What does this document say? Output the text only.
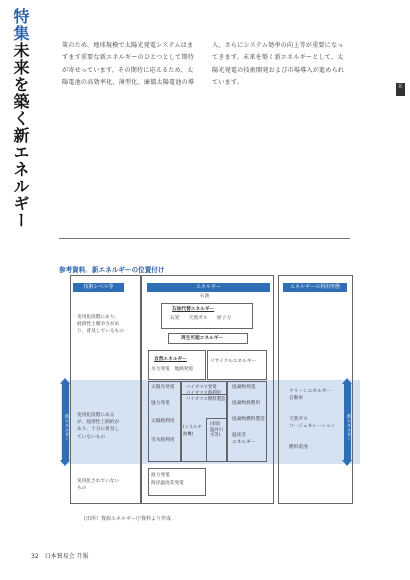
特集未来を築く新エネルギー	策のため、地球規模で太陽光発電システムはま
すます重要な新エネルギーのひとつとして期待
が寄せっています。その期待に応えるため、太
陽電池の高効率化、薄型化、廉價太陽電池の導
入、さらにシステム効率の向上等が重要になっ
てきます。未来を築く新エネルギーとして、太
陽光発電の技術開発および市場導入が進められ
ています。	記
参考資料．新エネルギーの位置付け
技術レベル等	エネルギー	エネルギーの利用形態
石油
石油代替エネルギー
石炭　　天然ガス　　原子力
再生可能エネルギー
自然エネルギー
水力発電　地熱発電
リサイクルエネルギー
実用化段階にあり、
経済性上競争力があ
り、普及しているもの
実用化段階にある
が、経済性上制約が
あり、十分に普及し
ていないもの
実用化されていない
もの
太陽光発電
風力発電
太陽熱利用
雪氷熱利用
バイオマス発電
バイオマス熱利用
バイオマス燃料製造
(ミネルギ
熱機)
(果海
温河川
水等)
廃棄物発電
廃棄物熱利用
廃棄物燃料製造
温度差
エネルギー
クリーンエネルギー
自動車
天然ガス
コージェネレーション
燃料電池
波力発電
海洋温度差発電
新エネルギー	新エネルギー
(出所）資源エネルギー庁資料より作成
32　日本貿易会 月報
